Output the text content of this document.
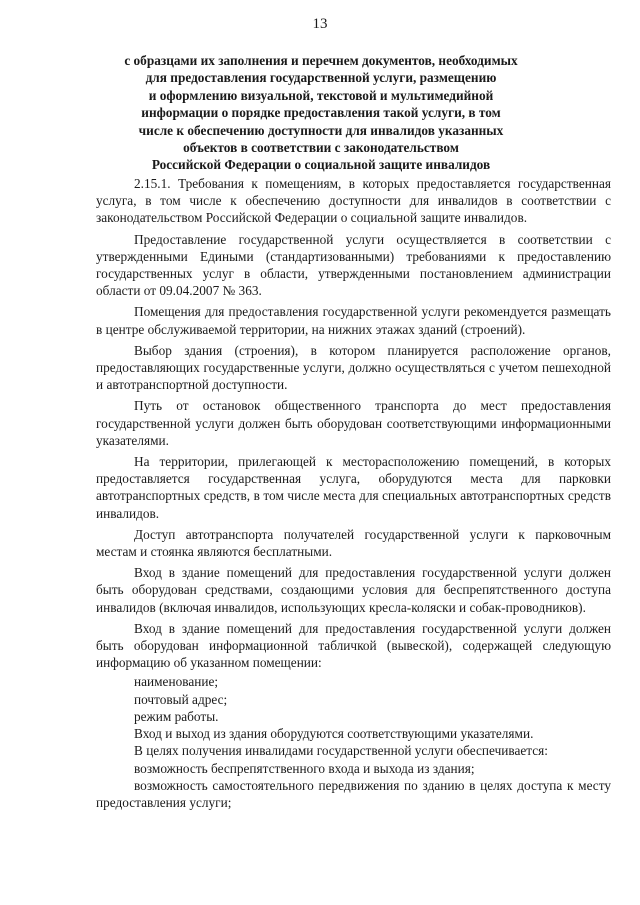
13
с образцами их заполнения и перечнем документов, необходимых
для предоставления государственной услуги, размещению
и оформлению визуальной, текстовой и мультимедийной
информации о порядке предоставления такой услуги, в том
числе к обеспечению доступности для инвалидов указанных
объектов в соответствии с законодательством
Российской Федерации о социальной защите инвалидов

2.15.1. Требования к помещениям, в которых предоставляется государственная услуга, в том числе к обеспечению доступности для инвалидов в соответствии с законодательством Российской Федерации о социальной защите инвалидов.

Предоставление государственной услуги осуществляется в соответствии с утвержденными Едиными (стандартизованными) требованиями к предоставлению государственных услуг в области, утвержденными постановлением администрации области от 09.04.2007 № 363.

Помещения для предоставления государственной услуги рекомендуется размещать в центре обслуживаемой территории, на нижних этажах зданий (строений).

Выбор здания (строения), в котором планируется расположение органов, предоставляющих государственные услуги, должно осуществляться с учетом пешеходной и автотранспортной доступности.

Путь от остановок общественного транспорта до мест предоставления государственной услуги должен быть оборудован соответствующими информационными указателями.

На территории, прилегающей к месторасположению помещений, в которых предоставляется государственная услуга, оборудуются места для парковки автотранспортных средств, в том числе места для специальных автотранспортных средств инвалидов.

Доступ автотранспорта получателей государственной услуги к парковочным местам и стоянка являются бесплатными.

Вход в здание помещений для предоставления государственной услуги должен быть оборудован средствами, создающими условия для беспрепятственного доступа инвалидов (включая инвалидов, использующих кресла-коляски и собак-проводников).

Вход в здание помещений для предоставления государственной услуги должен быть оборудован информационной табличкой (вывеской), содержащей следующую информацию об указанном помещении:

наименование;

почтовый адрес;

режим работы.

Вход и выход из здания оборудуются соответствующими указателями.

В целях получения инвалидами государственной услуги обеспечивается:

возможность беспрепятственного входа и выхода из здания;

возможность самостоятельного передвижения по зданию в целях доступа к месту предоставления услуги;
